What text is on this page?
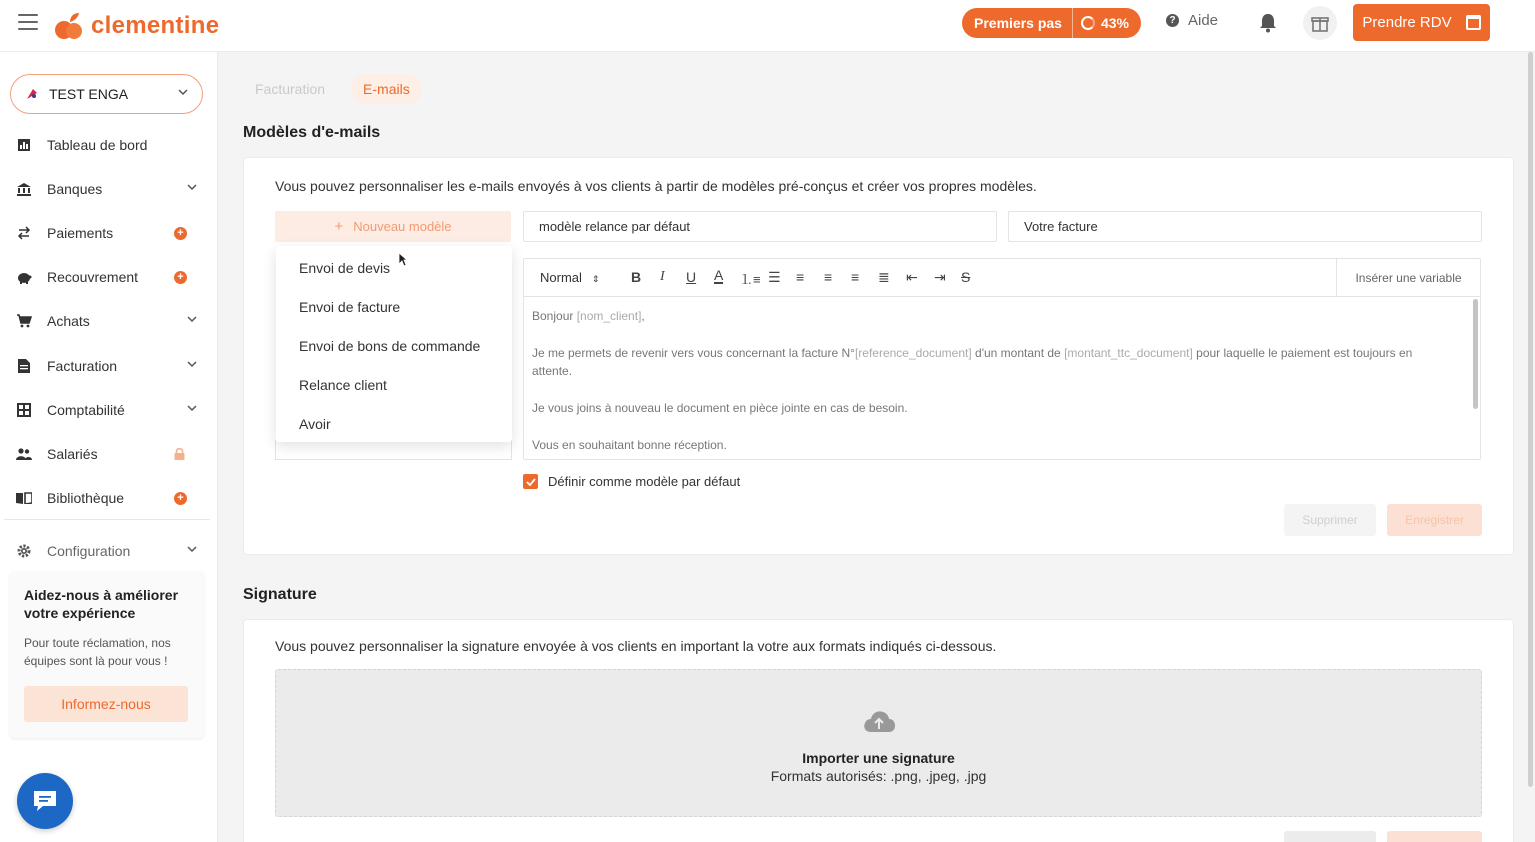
clementine	Premiers pas	43%	? Aide	Prendre RDV
TEST ENGA
Tableau de bord
Banques
Paiements	+
Recouvrement	+
Achats
Facturation
Comptabilité
Salariés
Bibliothèque	+
Configuration
Aidez-nous à améliorer votre expérience
Pour toute réclamation, nos équipes sont là pour vous !
Informez-nous
Facturation	E-mails
Modèles d'e-mails
Vous pouvez personnaliser les e-mails envoyés à vos clients à partir de modèles pré-conçus et créer vos propres modèles.
+ Nouveau modèle	modèle relance par défaut	Votre facture
Envoi de devis
Envoi de facture
Envoi de bons de commande
Relance client
Avoir
Normal ⇕ B I U A ⒈≡ ☰ ≡ ≡ ≡ ≣ ⇤ ⇥ S	Insérer une variable

Bonjour [nom_client],

Je me permets de revenir vers vous concernant la facture N°[reference_document] d'un montant de [montant_ttc_document] pour laquelle le paiement est toujours en attente.

Je vous joins à nouveau le document en pièce jointe en cas de besoin.

Vous en souhaitant bonne réception.

Définir comme modèle par défaut
Supprimer	Enregistrer
Signature
Vous pouvez personnaliser la signature envoyée à vos clients en important la votre aux formats indiqués ci-dessous.
Importer une signature
Formats autorisés: .png, .jpeg, .jpg
